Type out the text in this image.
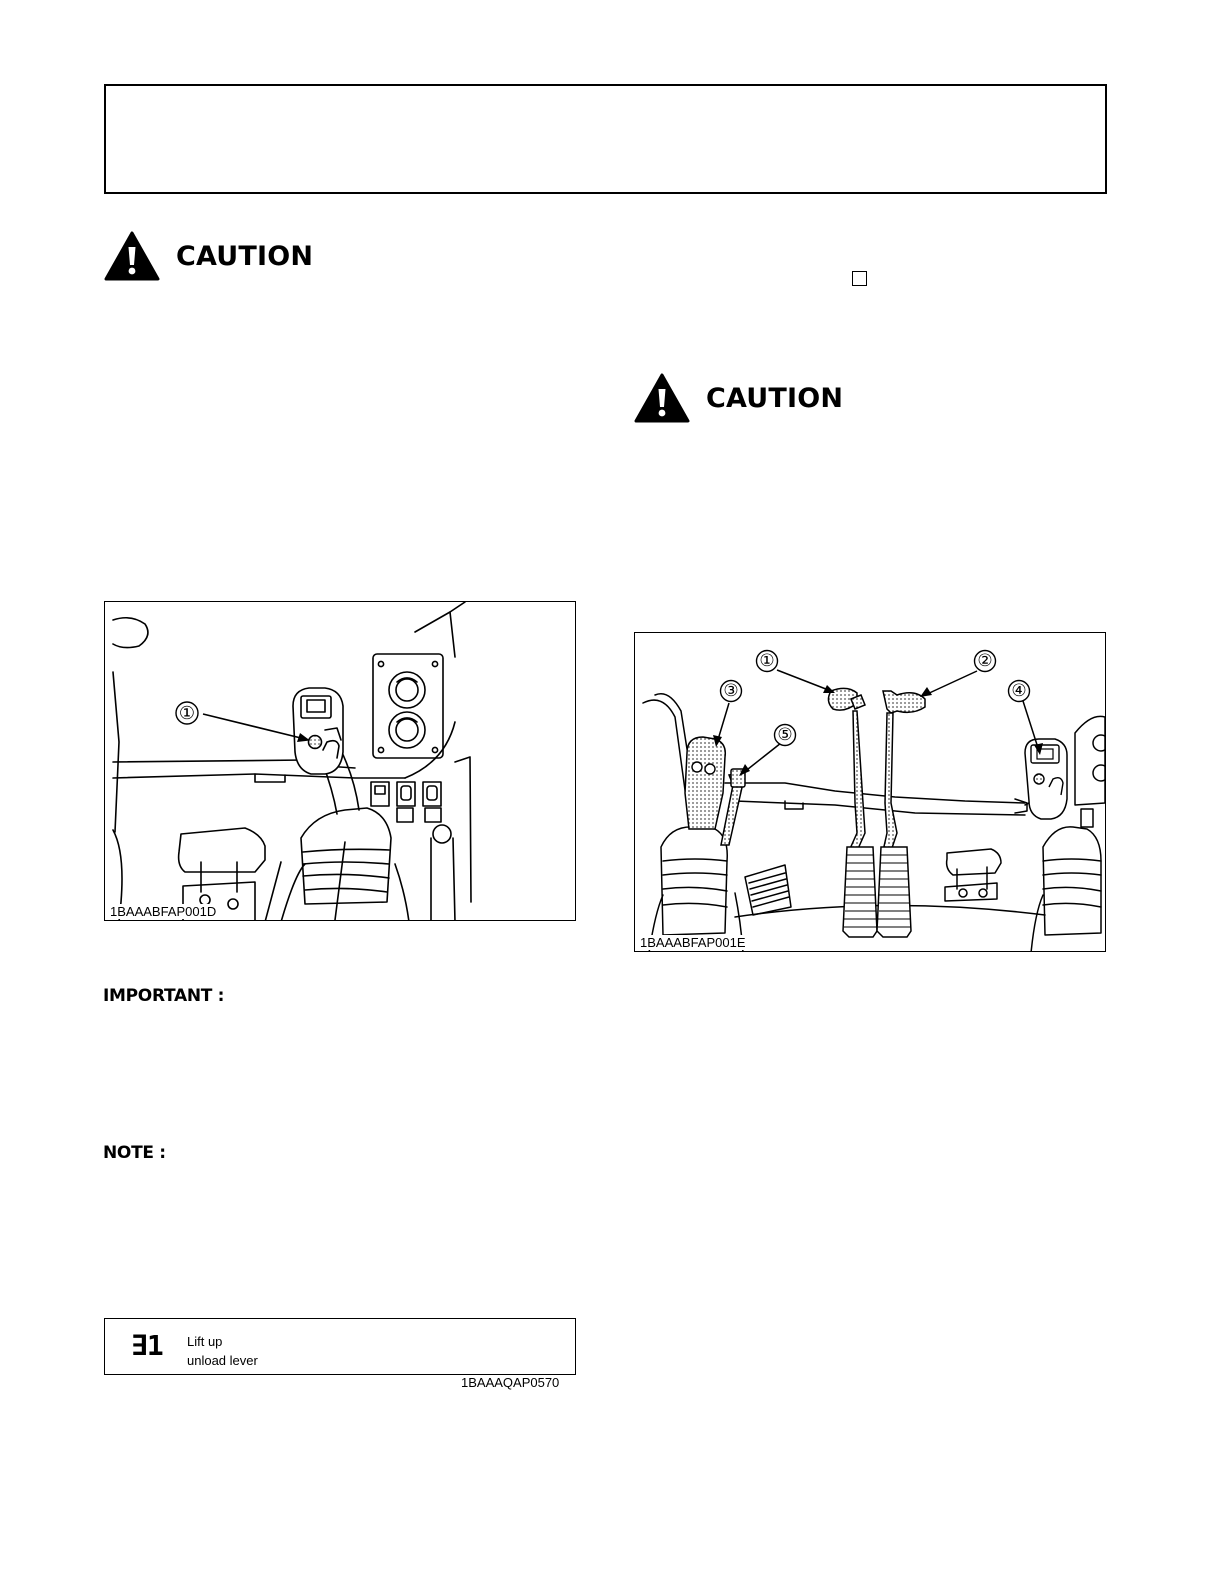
CAUTION
CAUTION
①
1BAAABFAP001D
①	②
③	④
⑤
1BAAABFAP001E
IMPORTANT :
NOTE :
∃1 Lift up
unload lever
1BAAAQAP0570
